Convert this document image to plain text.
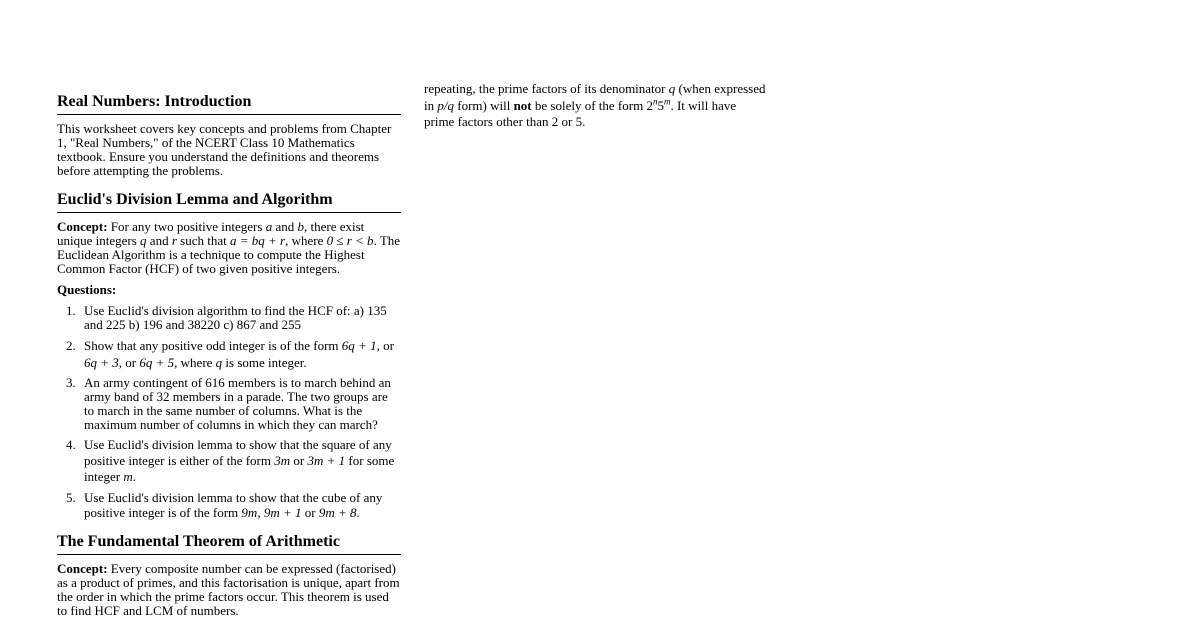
Real Numbers: Introduction

This worksheet covers key concepts and problems from Chapter 1, "Real Numbers," of the NCERT Class 10 Mathematics textbook. Ensure you understand the definitions and theorems before attempting the problems.

Euclid's Division Lemma and Algorithm

Concept: For any two positive integers a and b, there exist unique integers q and r such that a = bq + r, where 0 ≤ r < b. The Euclidean Algorithm is a technique to compute the Highest Common Factor (HCF) of two given positive integers.

Questions:

1. Use Euclid's division algorithm to find the HCF of: a) 135 and 225 b) 196 and 38220 c) 867 and 255
2. Show that any positive odd integer is of the form 6q + 1, or 6q + 3, or 6q + 5, where q is some integer.
3. An army contingent of 616 members is to march behind an army band of 32 members in a parade. The two groups are to march in the same number of columns. What is the maximum number of columns in which they can march?
4. Use Euclid's division lemma to show that the square of any positive integer is either of the form 3m or 3m + 1 for some integer m.
5. Use Euclid's division lemma to show that the cube of any positive integer is of the form 9m, 9m + 1 or 9m + 8.
The Fundamental Theorem of Arithmetic

Concept: Every composite number can be expressed (factorised) as a product of primes, and this factorisation is unique, apart from the order in which the prime factors occur. This theorem is used to find HCF and LCM of numbers.

repeating, the prime factors of its denominator q (when expressed in p/q form) will not be solely of the form 2$^n$5$^m$. It will have prime factors other than 2 or 5.
